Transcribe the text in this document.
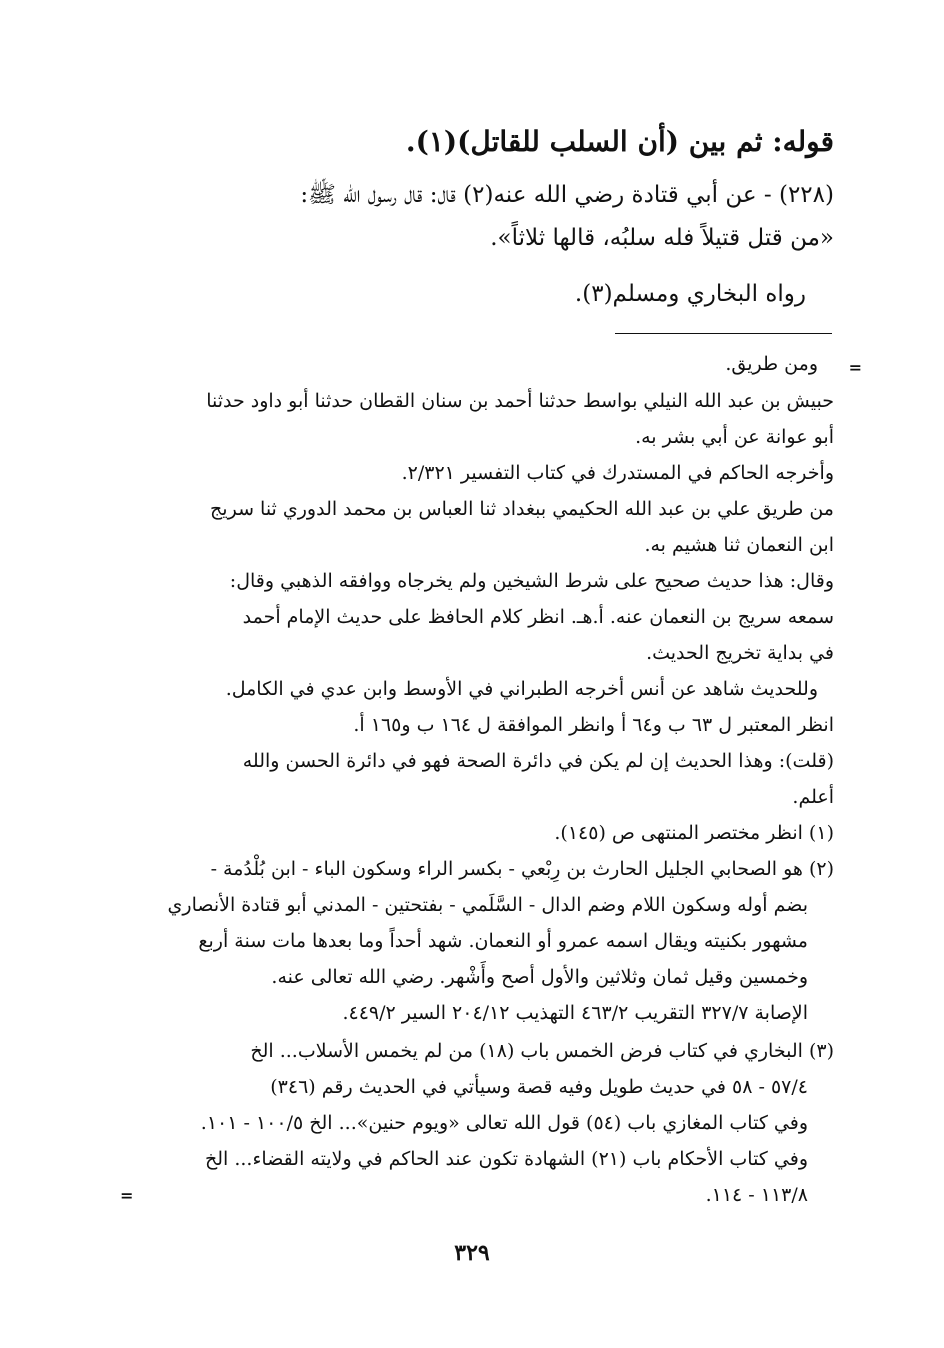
قوله: ثم بين (أن السلب للقاتل)(١).
(٢٢٨) - عن أبي قتادة رضي الله عنه(٢) قال: قال رسول الله ﷺ:
«من قتل قتيلاً فله سلبُه، قالها ثلاثاً».
رواه البخاري ومسلم(٣).
=
ومن طريق.
حبيش بن عبد الله النيلي بواسط حدثنا أحمد بن سنان القطان حدثنا أبو داود حدثنا
أبو عوانة عن أبي بشر به.
وأخرجه الحاكم في المستدرك في كتاب التفسير ٢/٣٢١.
من طريق علي بن عبد الله الحكيمي ببغداد ثنا العباس بن محمد الدوري ثنا سريج
ابن النعمان ثنا هشيم به.
وقال: هذا حديث صحيح على شرط الشيخين ولم يخرجاه ووافقه الذهبي وقال:
سمعه سريج بن النعمان عنه. أ.هـ. انظر كلام الحافظ على حديث الإمام أحمد
في بداية تخريج الحديث.
وللحديث شاهد عن أنس أخرجه الطبراني في الأوسط وابن عدي في الكامل.
انظر المعتبر ل ٦٣ ب و٦٤ أ وانظر الموافقة ل ١٦٤ ب و١٦٥ أ.
(قلت): وهذا الحديث إن لم يكن في دائرة الصحة فهو في دائرة الحسن والله
أعلم.
(١) انظر مختصر المنتهى ص (١٤٥).
(٢) هو الصحابي الجليل الحارث بن رِبْعي - بكسر الراء وسكون الباء - ابن بُلْدُمة -
بضم أوله وسكون اللام وضم الدال - السَّلَمي - بفتحتين - المدني أبو قتادة الأنصاري
مشهور بكنيته ويقال اسمه عمرو أو النعمان. شهد أحداً وما بعدها مات سنة أربع
وخمسين وقيل ثمان وثلاثين والأول أصح وأَشْهر. رضي الله تعالى عنه.
الإصابة ٣٢٧/٧ التقريب ٤٦٣/٢ التهذيب ٢٠٤/١٢ السير ٤٤٩/٢.
(٣) البخاري في كتاب فرض الخمس باب (١٨) من لم يخمس الأسلاب... الخ
٥٧/٤ - ٥٨ في حديث طويل وفيه قصة وسيأتي في الحديث رقم (٣٤٦)
وفي كتاب المغازي باب (٥٤) قول الله تعالى «ويوم حنين»... الخ ١٠٠/٥ - ١٠١.
وفي كتاب الأحكام باب (٢١) الشهادة تكون عند الحاكم في ولايته القضاء... الخ
١١٣/٨ - ١١٤.
=
٣٢٩
